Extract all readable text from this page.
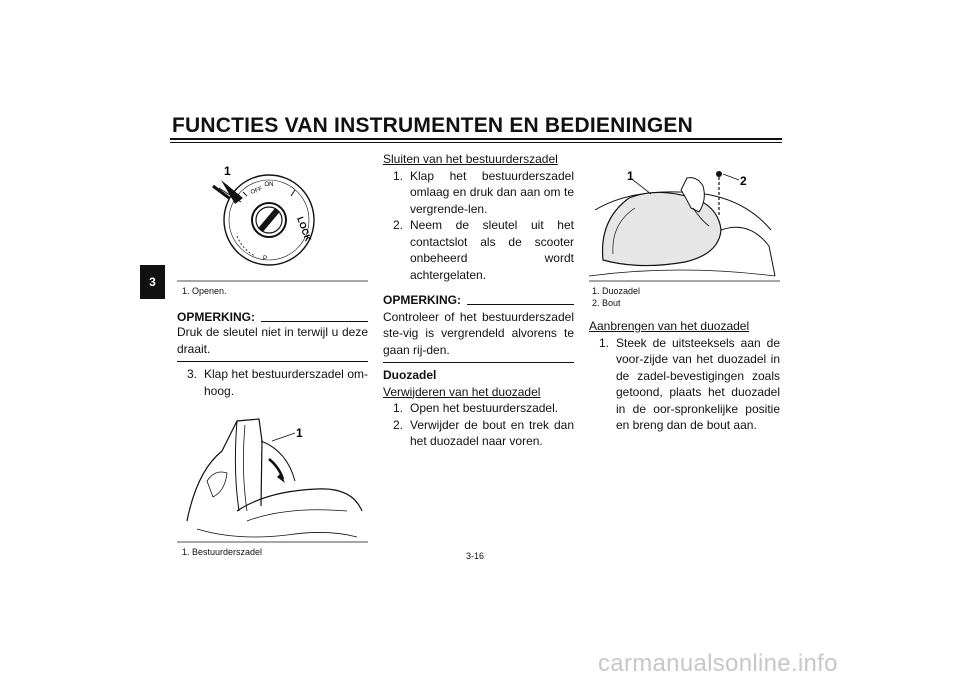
FUNCTIES VAN INSTRUMENTEN EN BEDIENINGEN
3
ON
OFF
LOCK
P
1
1. Openen.
OPMERKING:
Druk de sleutel niet in terwijl u deze draait.
3. Klap het bestuurderszadel om-hoog.
1
1. Bestuurderszadel
Sluiten van het bestuurderszadel
1. Klap het bestuurderszadel omlaag en druk dan aan om te vergrende-len.
2. Neem de sleutel uit het contactslot als de scooter onbeheerd wordt achtergelaten.
OPMERKING:
Controleer of het bestuurderszadel ste-vig is vergrendeld alvorens te gaan rij-den.
Duozadel
Verwijderen van het duozadel
1. Open het bestuurderszadel.
2. Verwijder de bout en trek dan het duozadel naar voren.
1	2
1. Duozadel
2. Bout
Aanbrengen van het duozadel
1. Steek de uitsteeksels aan de voor-zijde van het duozadel in de zadel-bevestigingen zoals getoond, plaats het duozadel in de oor-spronkelijke positie en breng dan de bout aan.
3-16
carmanualsonline.info
